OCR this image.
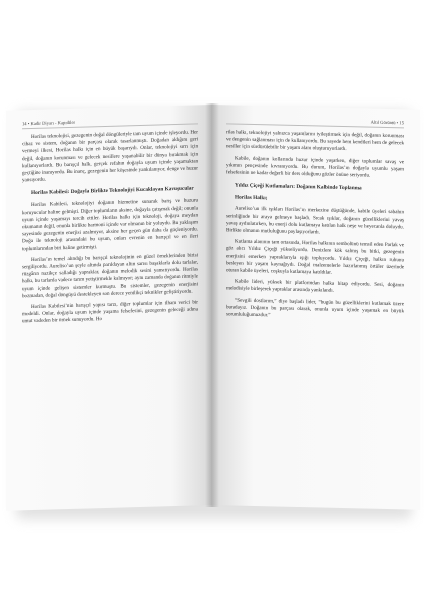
14 • Kadir Diyarı - Kapıdiler

Horilas teknolojisi, gezegenin doğal döngüleriyle tam uyum içinde işleyordu. Her cihaz ve sistem, doğanın bir parçası olarak tasarlanmıştı. Doğadan aldığını geri vermeyi ilkesi, Horilas halkı için en büyük başarıydı. Onlar, teknolojiyi sırrı için değil, doğanın korunması ve gelecek nesillere yaşanabilir bir dünya bırakmak için kullanıyorlardı. Bu barışçıl halk, gerçek refahın doğayla uyum içinde yaşamaktan geçtiğine inanıyordu. Bu inanç, gezegenin her köşesinde yankılanıyor, denge ve huzur yansıyordu.

Horilas Kabilesi: Doğayla Birlikte Teknolojiyi Kucaklayan Kavuşucular

Horilas Kabilesi, teknolojiyi doğanın hizmetine sunarak barış ve huzuru koruyucular haline gelmişti. Diğer toplumların aksine, doğayla çatışmak değil; onunla uyum içinde yaşamayı tercih ettiler. Horilas halkı için teknoloji, doğaya meydan okumanın değil, onunla birlikte harmoni içinde var olmanın bir yoluydu. Bu yaklaşım sayesinde gezegenin enerjisi azalmıyor, aksine her geçen gün daha da güçleniyordu. Doğa ile teknoloji arasındaki bu uyum, onları evrenin en barışçıl ve en ileri toplumlarından biri haline getirmişti.

Horilas’ın temel alındığı bu barışçıl teknolojinin en güzel örneklerinden birisi sergiliyordu. Aureliso’un şeyle altında parıldayan altın sarısı başaklarla dolu tarlalar, rüzgârın nazikçe salladığı yapraklar, doğanın melodik sesini yansıtıyordu. Horilas halkı, bu tarlarda vadece tarım yetiştirmekle kalmıyor; aynı zamanda doğanın ritmiyle uyum içinde gelişen sistemler kurmuştu. Bu sistemler, gezegenin enerjisini bozmadan, doğal döngüyü destekleyen son derece yenilikçi teknikler geliştiriyordu.

Horilas Kabilesi’nin barışçıl yapısı tarzı, diğer toplumlar için ilham verici bir modeldi. Onlar, doğayla uyum içinde yaşama felsefesini, gezegenin geleceği adına umut vadeden bir örnek sunuyordu. Ho

Altıl Görüntü • 15

rilas halkı, teknolojiyi yalnızca yaşamlarını iyileştirmek için değil, doğanın korunması ve dengenin sağlanması için de kullanıyordu. Bu sayede hem kendileri hem de gelecek nesiller için sürdürülebilir bir yaşam alanı oluşturuyorlardı.

Kabile, doğanın kollarında huzur içinde yaşarken, diğer toplumlar savaş ve yıkımın pençesinde kıvranıyordu. Bu durum, Horilas’ın doğayla uyumlu yaşam felsefesinin ne kadar değerli bir ders olduğunu gözler önüne seriyordu.

Yıldız Çiçeği Kutlamaları: Doğanın Kalbinde Toplanma
Horilas Halkı;

Aureliso’un ilk ışıkları Horilas’ın merkezine düştüğünde, kabile üyeleri sabahın serinliğinde bir araya gelmeye başladı. Sıcak ışıklar, doğanın güzelliklerini yavaş yavaş aydınlatırken, bu enerji dolu kutlamaya katılan halk neşe ve heyecanla doluydu. Birlikte olmanın mutluluğunu paylaşıyorlardı.

Kutlama alanının tam ortasında, Horilas halkının sembolünü temsil eden Parlak ve göz alıcı Yıldız Çiçeği yükseliyordu. Denizlere kök salmış bu bitki, gezegenin enerjisini emerken yapraklarıyla ışığı topluyordu. Yıldız Çiçeği, halkın ruhunu besleyen bir yaşam kaynağıydı. Doğal malzemelerle hazırlanmış örtüler üzerinde oturan kabile üyeleri, coşkuyla kutlamaya katıldılar.

Kabile lideri, yüksek bir platformdan halka hitap ediyordu. Sesi, doğanın melodisiyle birleşerek yapraklar arasında yankılandı.

“Sevgili dostlarım,” diye başladı lider, “bugün bu güzelliklerini kutlamak üzere buradayız. Doğanın bu parçası olarak, onunla uyum içinde yaşamak en büyük sorumluluğumuzdur.”
